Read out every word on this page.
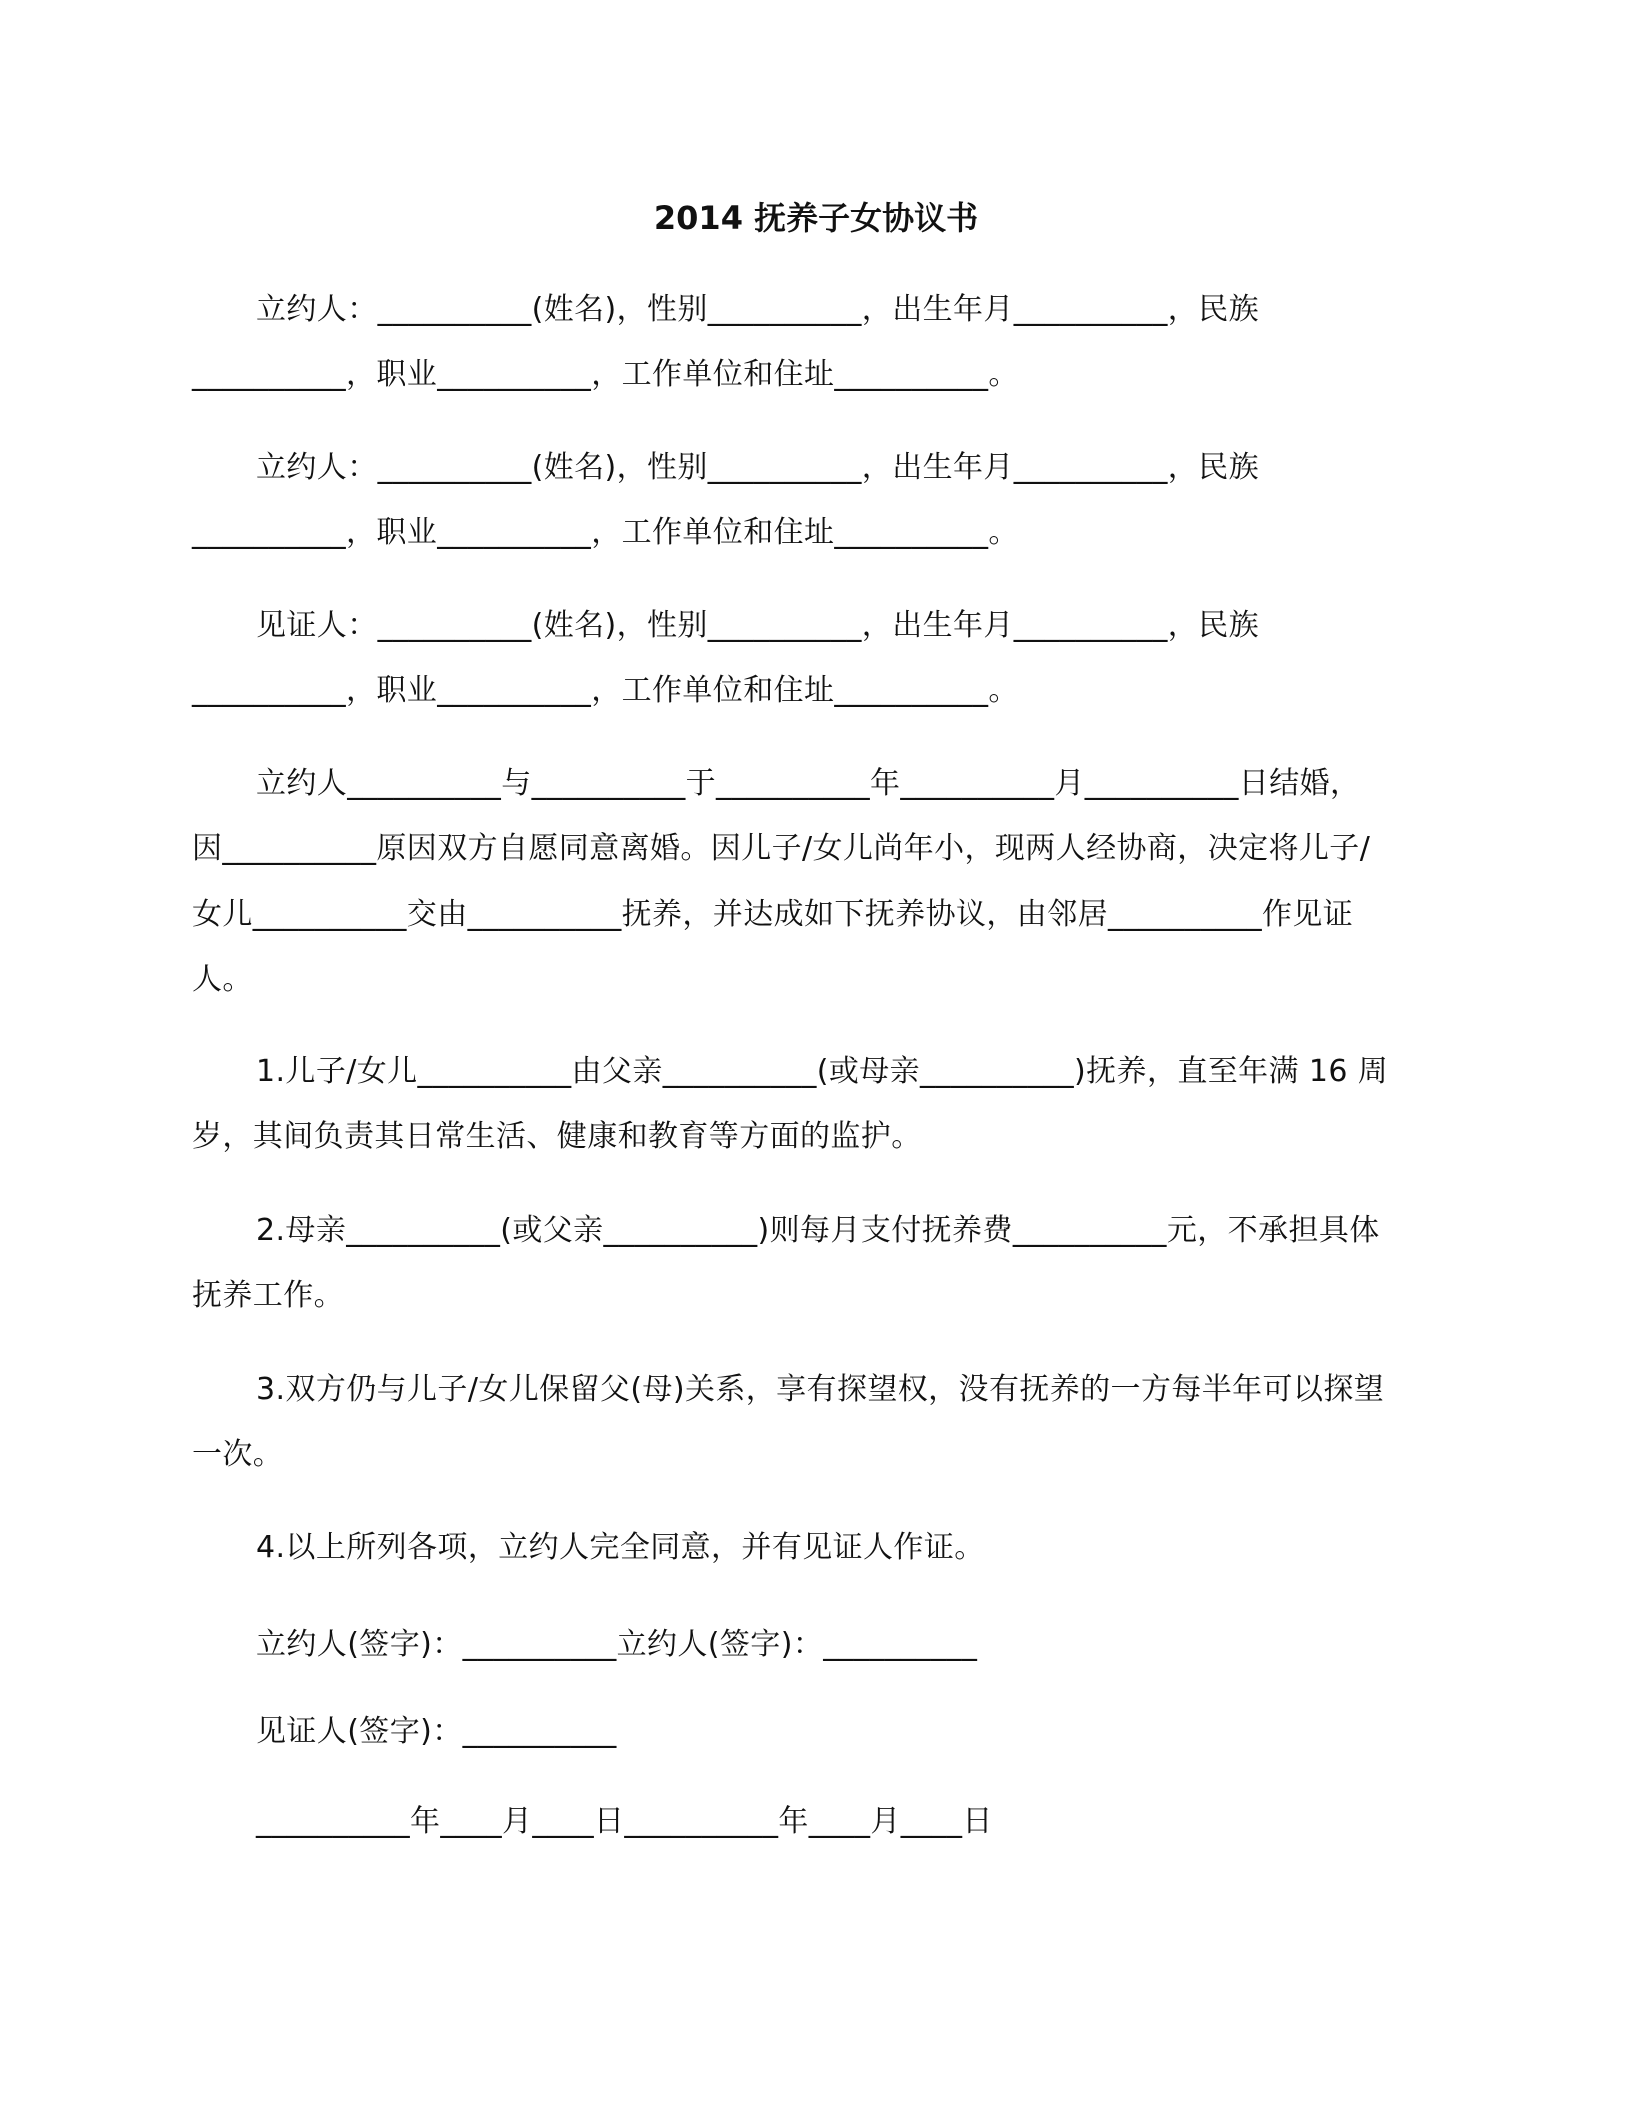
2014 抚养子女协议书
立约人：__________(姓名)，性别__________，出生年月__________，民族
__________，职业__________，工作单位和住址__________。
立约人：__________(姓名)，性别__________，出生年月__________，民族
__________，职业__________，工作单位和住址__________。
见证人：__________(姓名)，性别__________，出生年月__________，民族
__________，职业__________，工作单位和住址__________。
立约人__________与__________于__________年__________月__________日结婚，
因__________原因双方自愿同意离婚。因儿子/女儿尚年小，现两人经协商，决定将儿子/
女儿__________交由__________抚养，并达成如下抚养协议，由邻居__________作见证
人。
1.儿子/女儿__________由父亲__________(或母亲__________)抚养，直至年满 16 周
岁，其间负责其日常生活、健康和教育等方面的监护。
2.母亲__________(或父亲__________)则每月支付抚养费__________元，不承担具体
抚养工作。
3.双方仍与儿子/女儿保留父(母)关系，享有探望权，没有抚养的一方每半年可以探望
一次。
4.以上所列各项，立约人完全同意，并有见证人作证。
立约人(签字)：__________立约人(签字)：__________
见证人(签字)：__________
__________年____月____日__________年____月____日
